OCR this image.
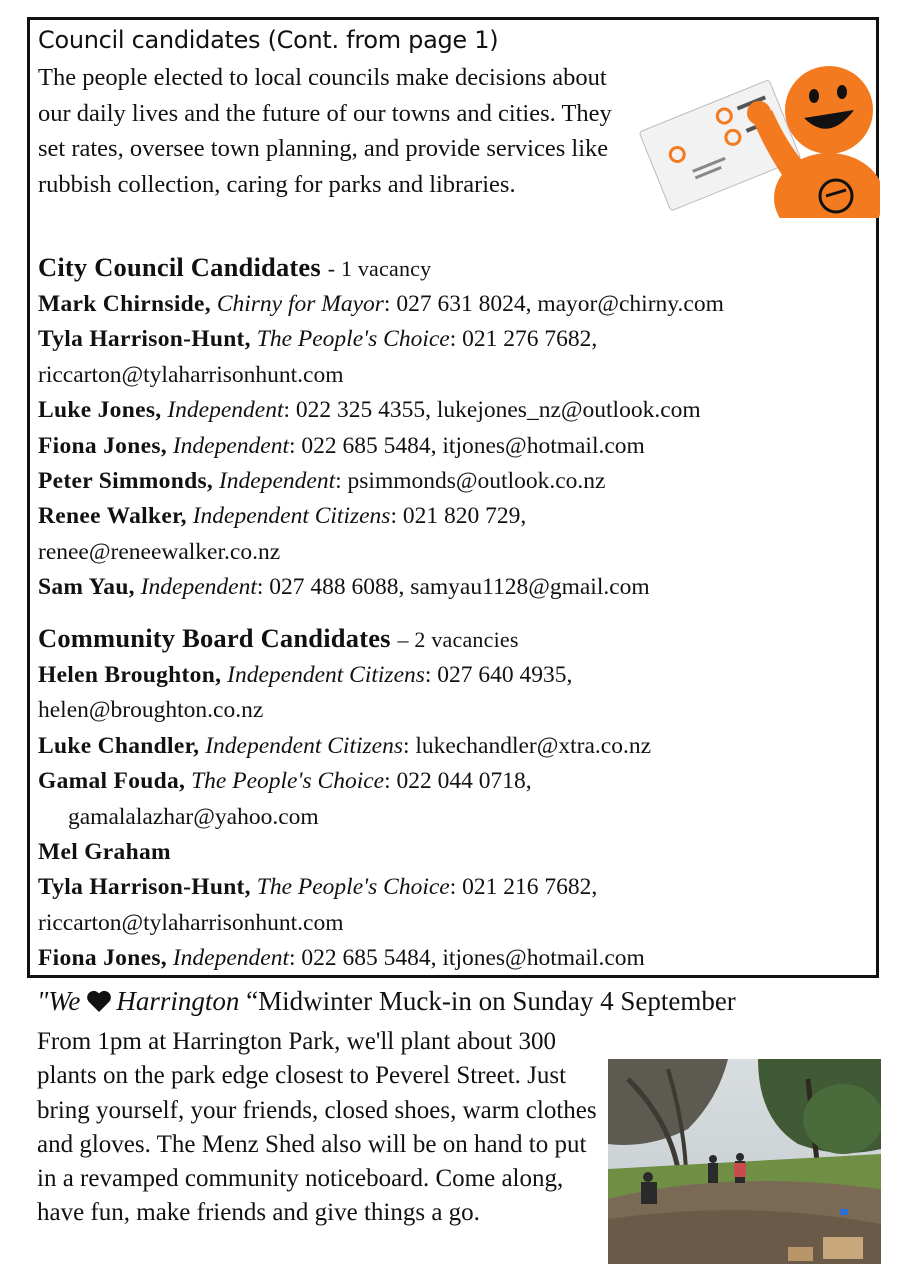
Council candidates (Cont. from page 1)

The people elected to local councils make decisions about our daily lives and the future of our towns and cities. They set rates, oversee town planning, and provide services like rubbish collection, caring for parks and libraries.

City Council Candidates - 1 vacancy
Mark Chirnside, Chirny for Mayor: 027 631 8024, mayor@chirny.com
Tyla Harrison-Hunt, The People's Choice: 021 276 7682,
riccarton@tylaharrisonhunt.com
Luke Jones, Independent: 022 325 4355, lukejones_nz@outlook.com
Fiona Jones, Independent: 022 685 5484, itjones@hotmail.com
Peter Simmonds, Independent: psimmonds@outlook.co.nz
Renee Walker, Independent Citizens: 021 820 729,
renee@reneewalker.co.nz
Sam Yau, Independent: 027 488 6088, samyau1128@gmail.com
Community Board Candidates – 2 vacancies
Helen Broughton, Independent Citizens: 027 640 4935,
helen@broughton.co.nz
Luke Chandler, Independent Citizens: lukechandler@xtra.co.nz
Gamal Fouda, The People's Choice: 022 044 0718,
gamalalazhar@yahoo.com
Mel Graham
Tyla Harrison-Hunt, The People's Choice: 021 216 7682,
riccarton@tylaharrisonhunt.com
Fiona Jones, Independent: 022 685 5484, itjones@hotmail.com
"We Harrington “Midwinter Muck-in on Sunday 4 September

From 1pm at Harrington Park, we'll plant about 300 plants on the park edge closest to Peverel Street. Just bring yourself, your friends, closed shoes, warm clothes and gloves. The Menz Shed also will be on hand to put in a revamped community noticeboard. Come along, have fun, make friends and give things a go.
